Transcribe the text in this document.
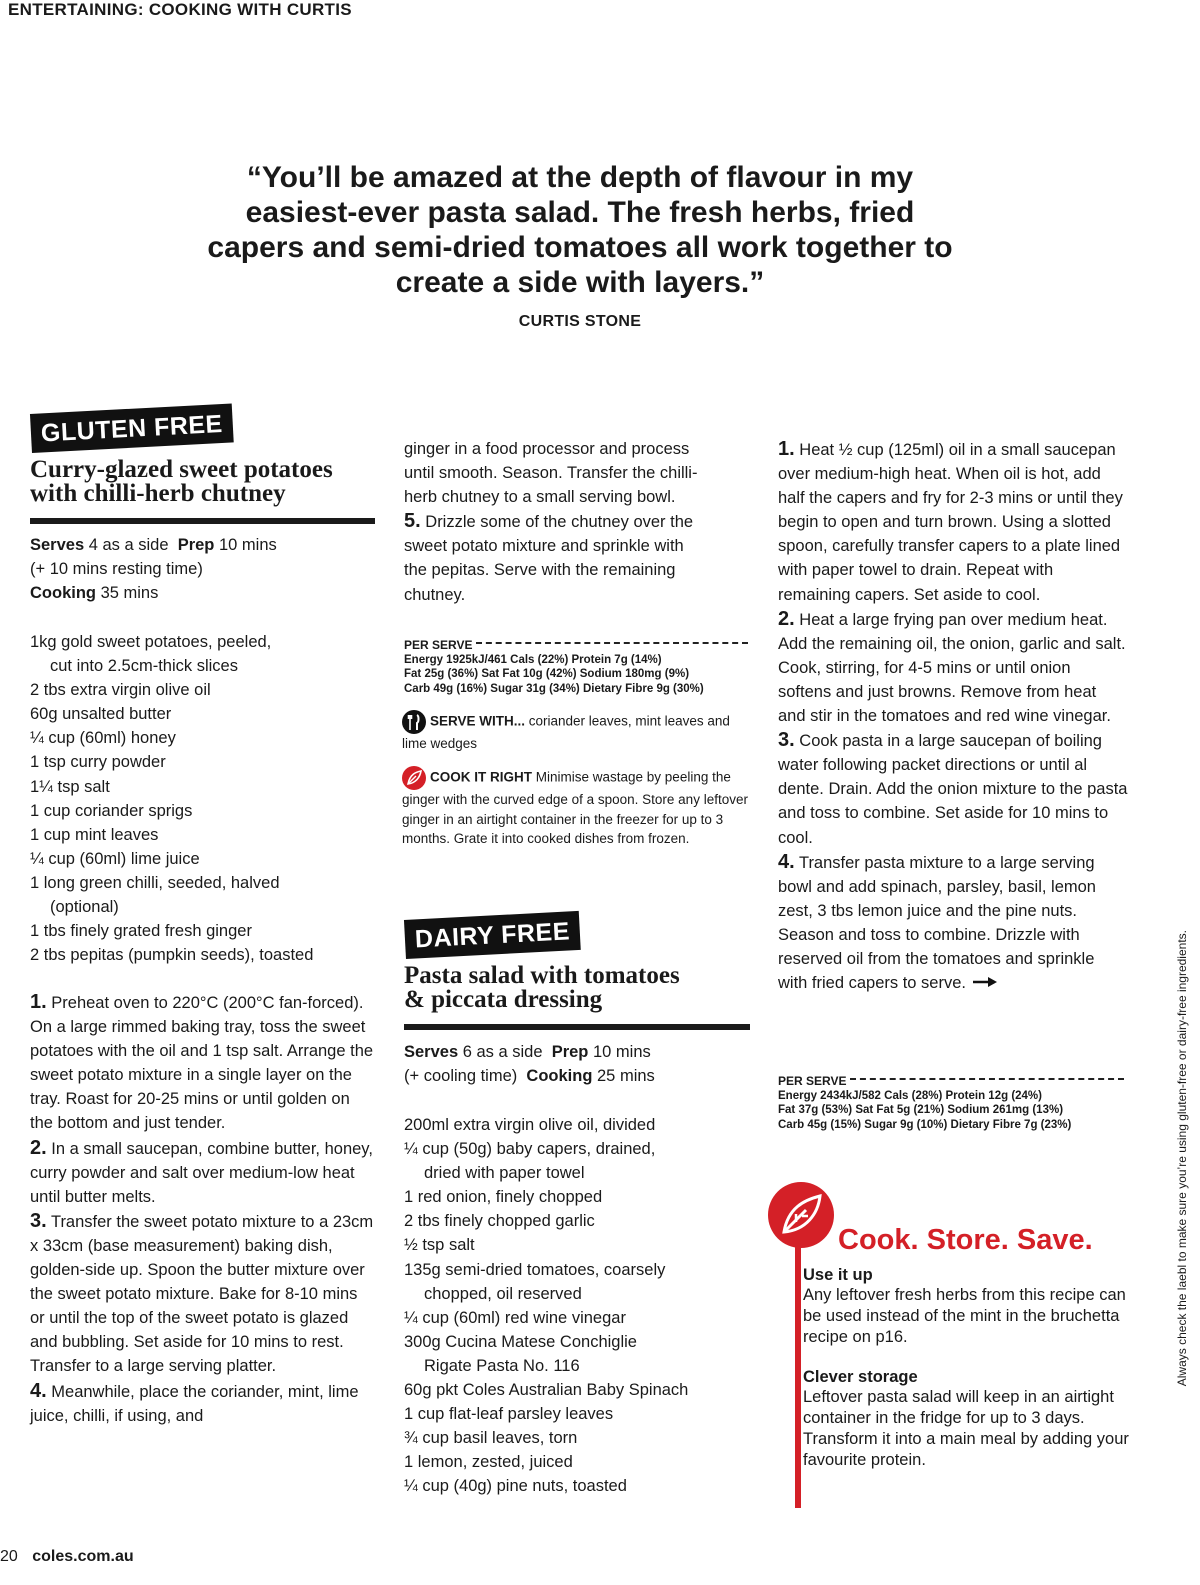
ENTERTAINING: COOKING WITH CURTIS
“You’ll be amazed at the depth of flavour in my easiest-ever pasta salad. The fresh herbs, fried capers and semi-dried tomatoes all work together to create a side with layers.”
CURTIS STONE
GLUTEN FREE
Curry-glazed sweet potatoes
with chilli-herb chutney

Serves 4 as a side  Prep 10 mins

(+ 10 mins resting time)

Cooking 35 mins

1kg gold sweet potatoes, peeled,

cut into 2.5cm-thick slices

2 tbs extra virgin olive oil

60g unsalted butter

¼ cup (60ml) honey

1 tsp curry powder

1¼ tsp salt

1 cup coriander sprigs

1 cup mint leaves

¼ cup (60ml) lime juice

1 long green chilli, seeded, halved

(optional)

1 tbs finely grated fresh ginger

2 tbs pepitas (pumpkin seeds), toasted

1. Preheat oven to 220°C (200°C fan-forced). On a large rimmed baking tray, toss the sweet potatoes with the oil and 1 tsp salt. Arrange the sweet potato mixture in a single layer on the tray. Roast for 20-25 mins or until golden on the bottom and just tender.

2. In a small saucepan, combine butter, honey, curry powder and salt over medium-low heat until butter melts.

3. Transfer the sweet potato mixture to a 23cm x 33cm (base measurement) baking dish, golden-side up. Spoon the butter mixture over the sweet potato mixture. Bake for 8-10 mins or until the top of the sweet potato is glazed and bubbling. Set aside for 10 mins to rest. Transfer to a large serving platter.

4. Meanwhile, place the coriander, mint, lime juice, chilli, if using, and

ginger in a food processor and process until smooth. Season. Transfer the chilli-herb chutney to a small serving bowl.

5. Drizzle some of the chutney over the sweet potato mixture and sprinkle with the pepitas. Serve with the remaining chutney.

PER SERVE
Energy 1925kJ/461 Cals (22%) Protein 7g (14%)
Fat 25g (36%) Sat Fat 10g (42%) Sodium 180mg (9%)
Carb 49g (16%) Sugar 31g (34%) Dietary Fibre 9g (30%)
SERVE WITH... coriander leaves, mint leaves and lime wedges
COOK IT RIGHT Minimise wastage by peeling the ginger with the curved edge of a spoon. Store any leftover ginger in an airtight container in the freezer for up to 3 months. Grate it into cooked dishes from frozen.
DAIRY FREE
Pasta salad with tomatoes
& piccata dressing

Serves 6 as a side  Prep 10 mins

(+ cooling time)  Cooking 25 mins

200ml extra virgin olive oil, divided

¼ cup (50g) baby capers, drained,

dried with paper towel

1 red onion, finely chopped

2 tbs finely chopped garlic

½ tsp salt

135g semi-dried tomatoes, coarsely

chopped, oil reserved

¼ cup (60ml) red wine vinegar

300g Cucina Matese Conchiglie

Rigate Pasta No. 116

60g pkt Coles Australian Baby Spinach

1 cup flat-leaf parsley leaves

¾ cup basil leaves, torn

1 lemon, zested, juiced

¼ cup (40g) pine nuts, toasted

1. Heat ½ cup (125ml) oil in a small saucepan over medium-high heat. When oil is hot, add half the capers and fry for 2-3 mins or until they begin to open and turn brown. Using a slotted spoon, carefully transfer capers to a plate lined with paper towel to drain. Repeat with remaining capers. Set aside to cool.

2. Heat a large frying pan over medium heat. Add the remaining oil, the onion, garlic and salt. Cook, stirring, for 4-5 mins or until onion softens and just browns. Remove from heat and stir in the tomatoes and red wine vinegar.

3. Cook pasta in a large saucepan of boiling water following packet directions or until al dente. Drain. Add the onion mixture to the pasta and toss to combine. Set aside for 10 mins to cool.

4. Transfer pasta mixture to a large serving bowl and add spinach, parsley, basil, lemon zest, 3 tbs lemon juice and the pine nuts. Season and toss to combine. Drizzle with reserved oil from the tomatoes and sprinkle with fried capers to serve.

PER SERVE
Energy 2434kJ/582 Cals (28%) Protein 12g (24%)
Fat 37g (53%) Sat Fat 5g (21%) Sodium 261mg (13%)
Carb 45g (15%) Sugar 9g (10%) Dietary Fibre 7g (23%)
Cook. Store. Save.
Use it up
Any leftover fresh herbs from this recipe can be used instead of the mint in the bruchetta recipe on p16.
Clever storage
Leftover pasta salad will keep in an airtight container in the fridge for up to 3 days. Transform it into a main meal by adding your favourite protein.
Always check the laebl to make sure you’re using gluten-free or dairy-free ingredients.
20 coles.com.au
